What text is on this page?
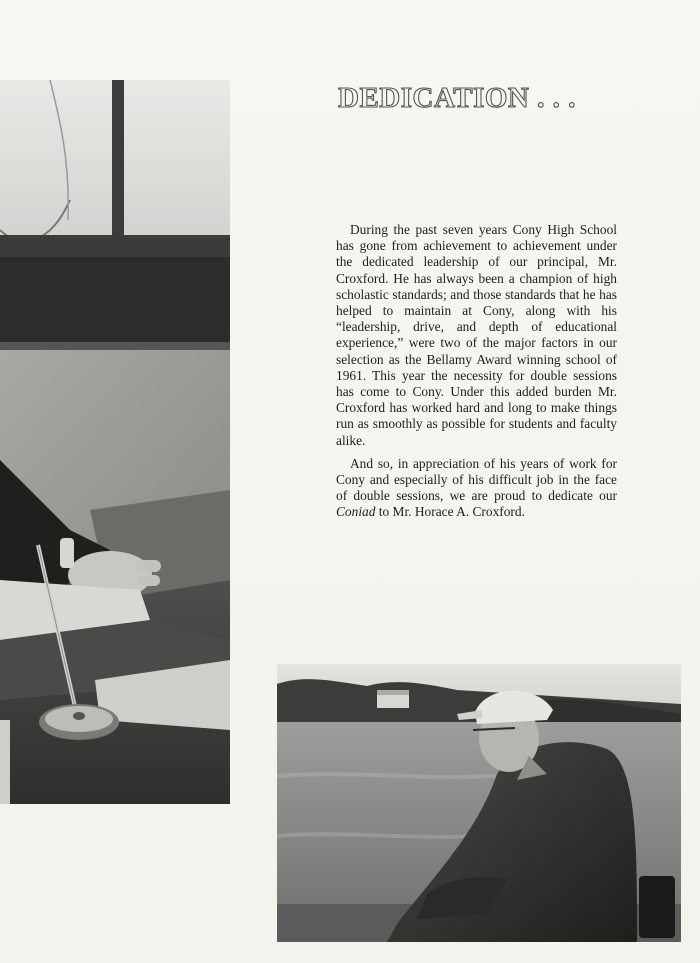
DEDICATION . . .

During the past seven years Cony High School has gone from achievement to achievement under the dedicated leadership of our principal, Mr. Croxford. He has always been a champion of high scholastic standards; and those standards that he has helped to maintain at Cony, along with his “leadership, drive, and depth of educational experience,” were two of the major factors in our selection as the Bellamy Award winning school of 1961. This year the necessity for double sessions has come to Cony. Under this added burden Mr. Croxford has worked hard and long to make things run as smoothly as possible for students and faculty alike.

And so, in appreciation of his years of work for Cony and especially of his difficult job in the face of double sessions, we are proud to dedicate our Coniad to Mr. Horace A. Croxford.
